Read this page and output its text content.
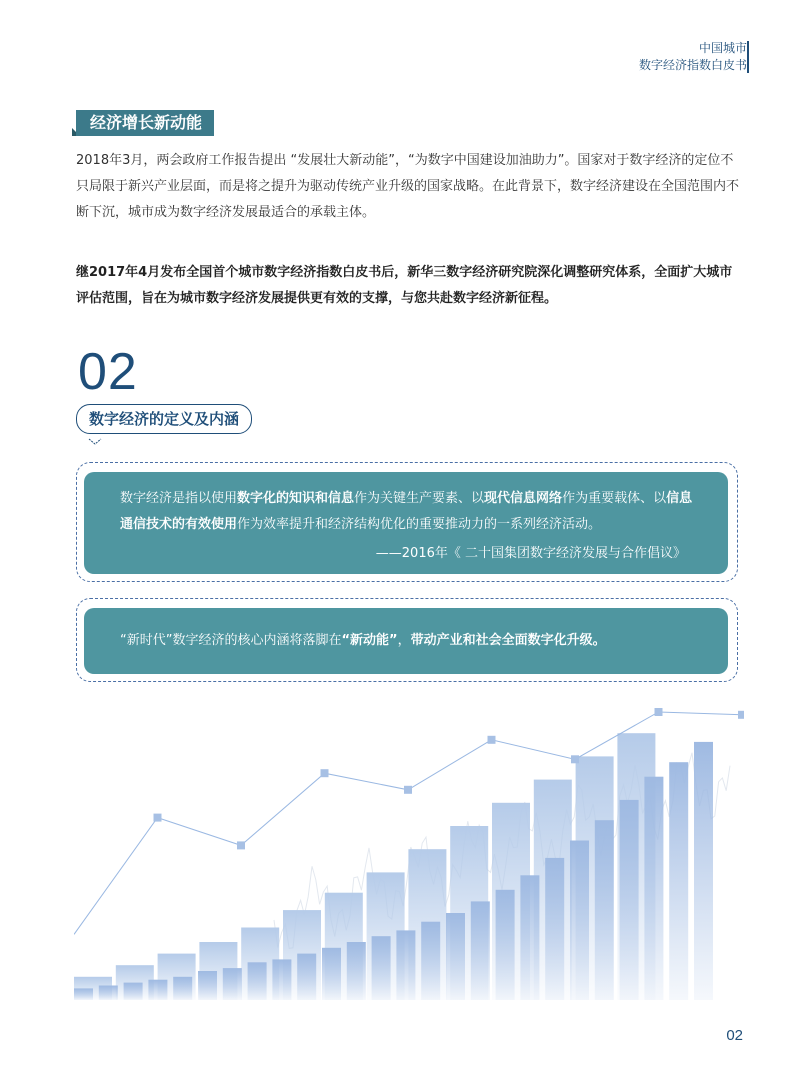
中国城市
数字经济指数白皮书
经济增长新动能

2018年3月，两会政府工作报告提出 “发展壮大新动能”，“为数字中国建设加油助力”。国家对于数字经济的定位不只局限于新兴产业层面，而是将之提升为驱动传统产业升级的国家战略。在此背景下，数字经济建设在全国范围内不断下沉，城市成为数字经济发展最适合的承载主体。

继2017年4月发布全国首个城市数字经济指数白皮书后，新华三数字经济研究院深化调整研究体系，全面扩大城市评估范围，旨在为城市数字经济发展提供更有效的支撑，与您共赴数字经济新征程。

02
数字经济的定义及内涵

数字经济是指以使用数字化的知识和信息作为关键生产要素、以现代信息网络作为重要载体、以信息通信技术的有效使用作为效率提升和经济结构优化的重要推动力的一系列经济活动。

——2016年《 二十国集团数字经济发展与合作倡议》

“新时代”数字经济的核心内涵将落脚在“新动能”，带动产业和社会全面数字化升级。

02
